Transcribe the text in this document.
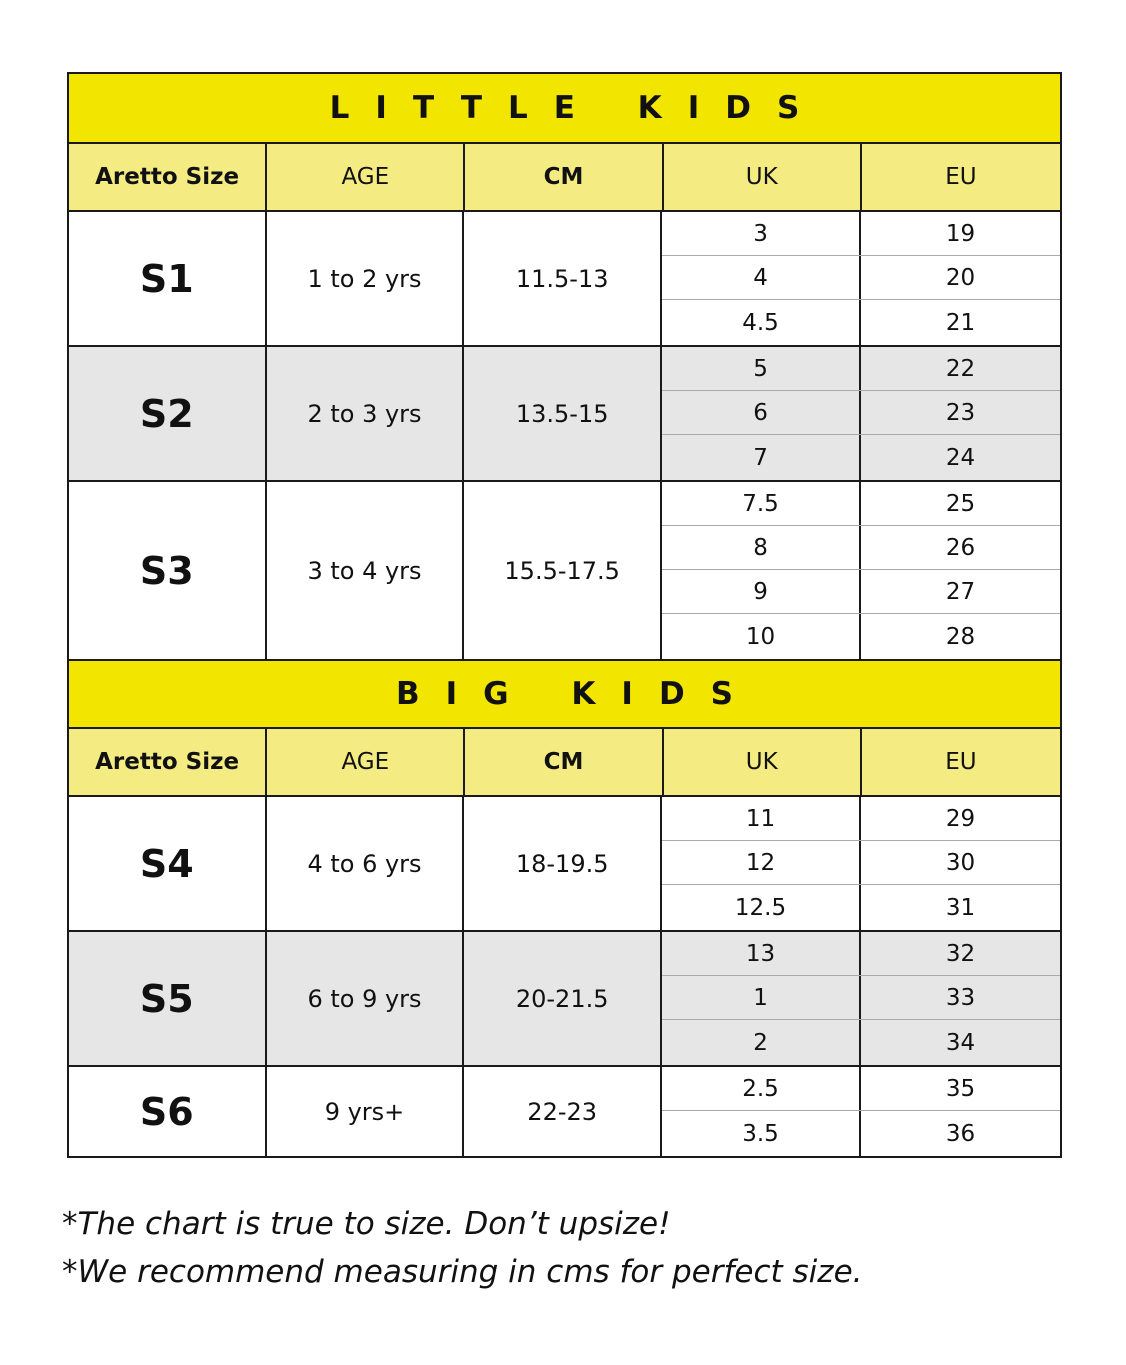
LITTLE KIDS
Aretto Size	AGE	CM	UK	EU
S1	1 to 2 yrs	11.5-13
3	19
4	20
4.5	21
S2	2 to 3 yrs	13.5-15
5	22
6	23
7	24
S3	3 to 4 yrs	15.5-17.5
7.5	25
8	26
9	27
10	28
BIG KIDS
Aretto Size	AGE	CM	UK	EU
S4	4 to 6 yrs	18-19.5
11	29
12	30
12.5	31
S5	6 to 9 yrs	20-21.5
13	32
1	33
2	34
S6	9 yrs+	22-23
2.5	35
3.5	36
*The chart is true to size. Don’t upsize!
*We recommend measuring in cms for perfect size.
